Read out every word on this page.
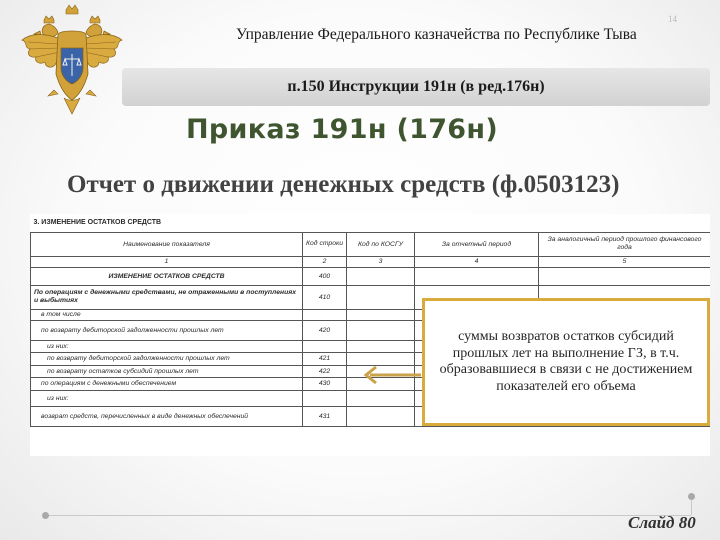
Управление Федерального казначейства по Республике Тыва
14
п.150 Инструкции 191н (в ред.176н)
Приказ 191н (176н)
Отчет о движении денежных средств (ф.0503123)
3. ИЗМЕНЕНИЕ ОСТАТКОВ СРЕДСТВ				
Наименование показателя	Код строки	Код по КОСГУ	За отчетный период	За аналогичный период прошлого финансового года
1	2	3	4	5
ИЗМЕНЕНИЕ ОСТАТКОВ СРЕДСТВ	400			
По операциям с денежными средствами, не отраженными в поступлениях и выбытиях	410			
в том числе				
по возврату дебиторской задолженности прошлых лет	420			
из них:				
по возврату дебиторской задолженности прошлых лет	421			
по возврату остатков субсидий прошлых лет	422			
по операциям с денежными обеспечением	430			
из них:				
возврат средств, перечисленных в виде денежных обеспечений	431			
суммы возвратов остатков субсидий прошлых лет на выполнение ГЗ, в т.ч. образовавшиеся в связи с не достижением показателей его объема
Слайд 80
